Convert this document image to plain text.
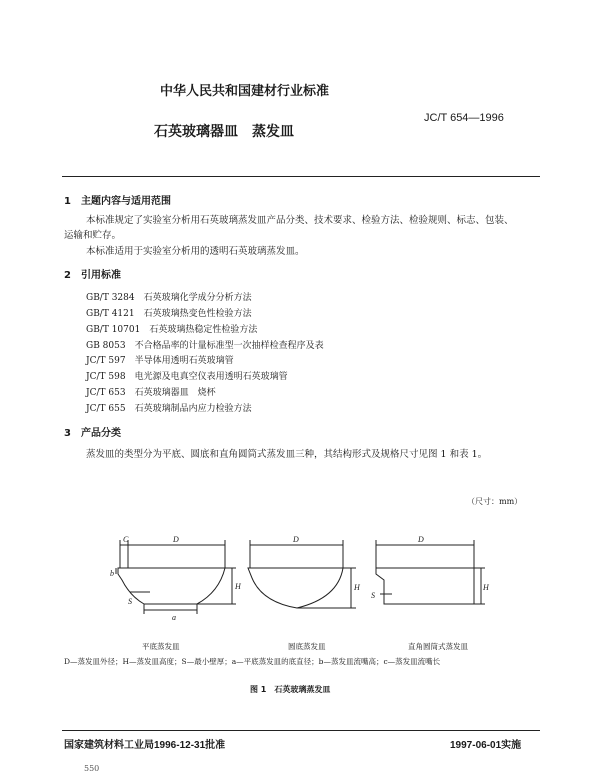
中华人民共和国建材行业标准
JC/T 654—1996
石英玻璃器皿　蒸发皿
1　主题内容与适用范围
本标准规定了实验室分析用石英玻璃蒸发皿产品分类、技术要求、检验方法、检验规则、标志、包装、
运输和贮存。
本标准适用于实验室分析用的透明石英玻璃蒸发皿。
2　引用标准
GB/T 3284　石英玻璃化学成分分析方法
GB/T 4121　石英玻璃热变色性检验方法
GB/T 10701　石英玻璃热稳定性检验方法
GB 8053　不合格品率的计量标准型一次抽样检查程序及表
JC/T 597　半导体用透明石英玻璃管
JC/T 598　电光源及电真空仪表用透明石英玻璃管
JC/T 653　石英玻璃器皿　烧杯
JC/T 655　石英玻璃制品内应力检验方法
3　产品分类
蒸发皿的类型分为平底、圆底和直角圆筒式蒸发皿三种，其结构形式及规格尺寸见图 1 和表 1。
（尺寸：mm）
C	D
b
a
H
S
D
H
D
H
S
平底蒸发皿	圆底蒸发皿	直角圆筒式蒸发皿
D—蒸发皿外径；H—蒸发皿高度；S—最小壁厚；a—平底蒸发皿的底直径；b—蒸发皿流嘴高；c—蒸发皿流嘴长
图 1　石英玻璃蒸发皿
国家建筑材料工业局1996-12-31批准	1997-06-01实施
550
